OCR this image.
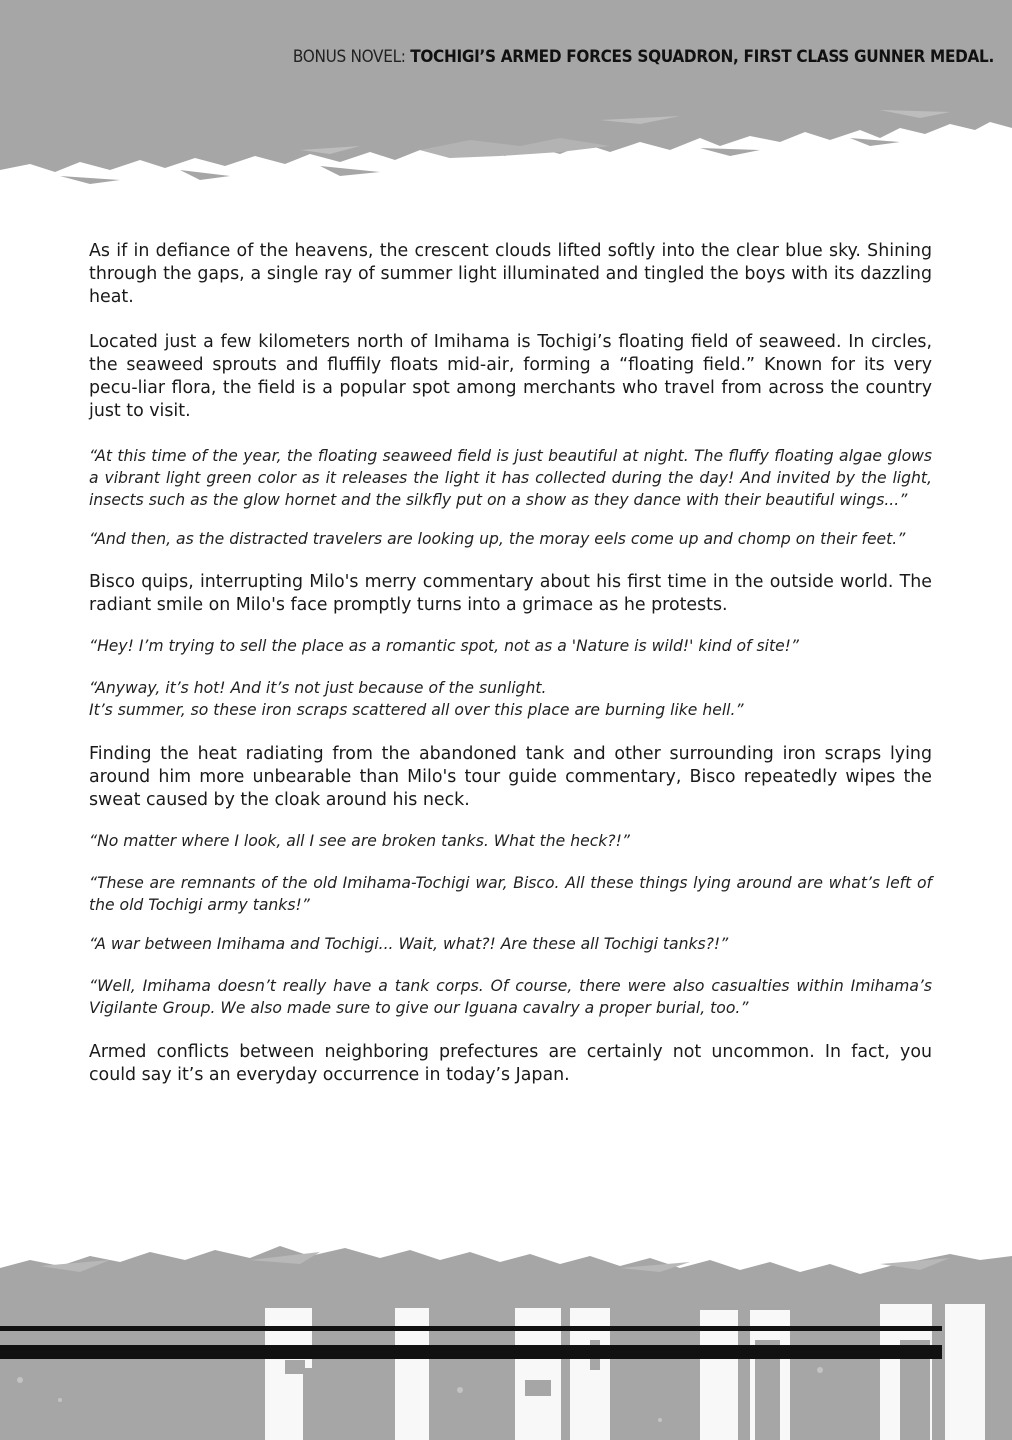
BONUS NOVEL: TOCHIGI’S ARMED FORCES SQUADRON, FIRST CLASS GUNNER MEDAL.

As if in defiance of the heavens, the crescent clouds lifted softly into the clear blue sky. Shining through the gaps, a single ray of summer light illuminated and tingled the boys with its dazzling heat.

Located just a few kilometers north of Imihama is Tochigi’s floating field of seaweed. In circles, the seaweed sprouts and fluffily floats mid-air, forming a “floating field.” Known for its very pecu-liar flora, the field is a popular spot among merchants who travel from across the country just to visit.

“At this time of the year, the floating seaweed field is just beautiful at night. The fluffy floating algae glows a vibrant light green color as it releases the light it has collected during the day! And invited by the light, insects such as the glow hornet and the silkfly put on a show as they dance with their beautiful wings...”

“And then, as the distracted travelers are looking up, the moray eels come up and chomp on their feet.”

Bisco quips, interrupting Milo's merry commentary about his first time in the outside world. The radiant smile on Milo's face promptly turns into a grimace as he protests.

“Hey! I’m trying to sell the place as a romantic spot, not as a 'Nature is wild!' kind of site!”

“Anyway, it’s hot! And it’s not just because of the sunlight.
It’s summer, so these iron scraps scattered all over this place are burning like hell.”

Finding the heat radiating from the abandoned tank and other surrounding iron scraps lying around him more unbearable than Milo's tour guide commentary, Bisco repeatedly wipes the sweat caused by the cloak around his neck.

“No matter where I look, all I see are broken tanks. What the heck?!”

“These are remnants of the old Imihama-Tochigi war, Bisco. All these things lying around are what’s left of the old Tochigi army tanks!”

“A war between Imihama and Tochigi... Wait, what?! Are these all Tochigi tanks?!”

“Well, Imihama doesn’t really have a tank corps. Of course, there were also casualties within Imihama’s Vigilante Group. We also made sure to give our Iguana cavalry a proper burial, too.”

Armed conflicts between neighboring prefectures are certainly not uncommon. In fact, you could say it’s an everyday occurrence in today’s Japan.
